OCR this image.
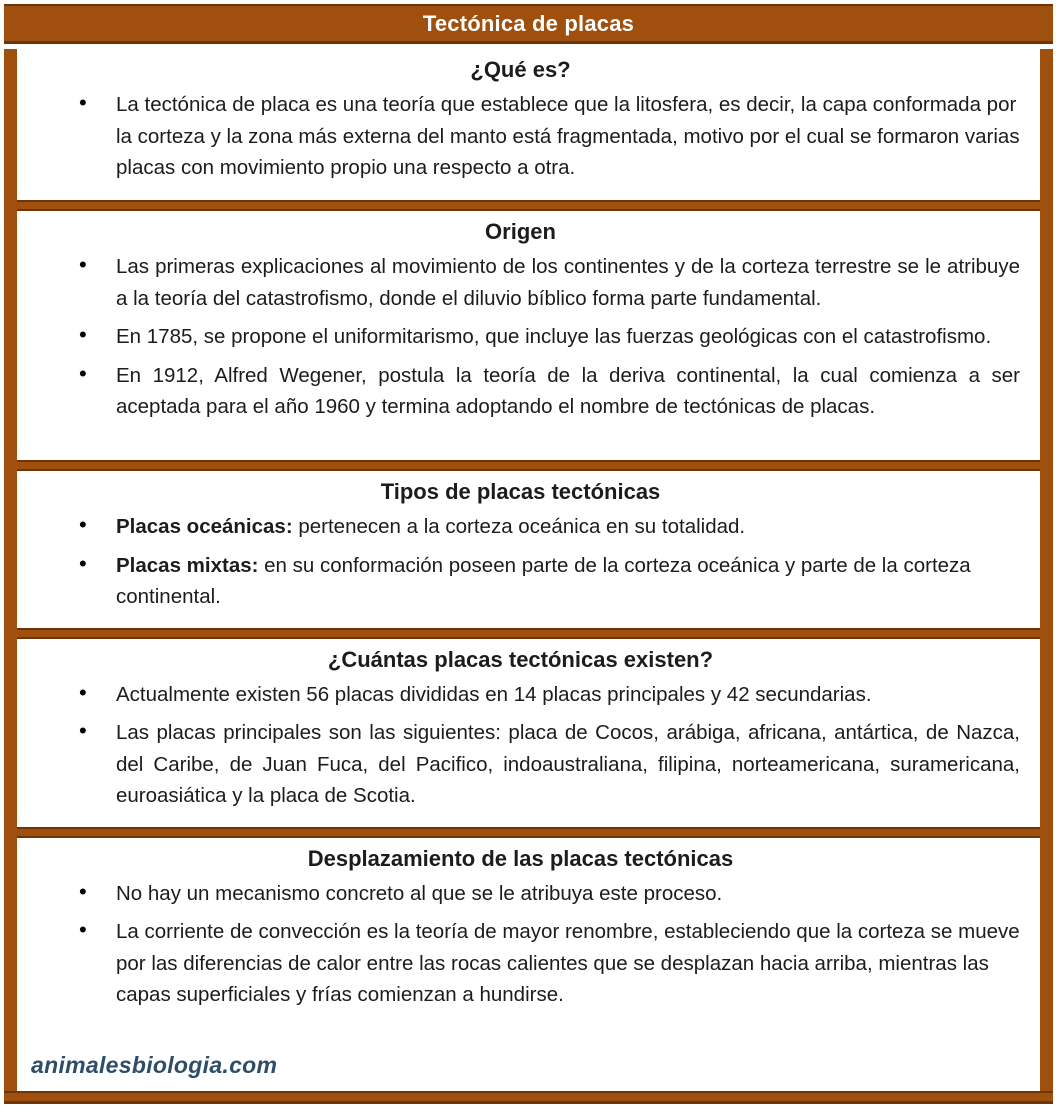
Tectónica de placas
¿Qué es?
• La tectónica de placa es una teoría que establece que la litosfera, es decir, la capa conformada por la corteza y la zona más externa del manto está fragmentada, motivo por el cual se formaron varias placas con movimiento propio una respecto a otra.
Origen
• Las primeras explicaciones al movimiento de los continentes y de la corteza terrestre se le atribuye a la teoría del catastrofismo, donde el diluvio bíblico forma parte fundamental.
• En 1785, se propone el uniformitarismo, que incluye las fuerzas geológicas con el catastrofismo.
• En 1912, Alfred Wegener, postula la teoría de la deriva continental, la cual comienza a ser aceptada para el año 1960 y termina adoptando el nombre de tectónicas de placas.
Tipos de placas tectónicas
• Placas oceánicas: pertenecen a la corteza oceánica en su totalidad.
• Placas mixtas: en su conformación poseen parte de la corteza oceánica y parte de la corteza continental.
¿Cuántas placas tectónicas existen?
• Actualmente existen 56 placas divididas en 14 placas principales y 42 secundarias.
• Las placas principales son las siguientes: placa de Cocos, arábiga, africana, antártica, de Nazca, del Caribe, de Juan Fuca, del Pacifico, indoaustraliana, filipina, norteamericana, suramericana, euroasiática y la placa de Scotia.
Desplazamiento de las placas tectónicas
• No hay un mecanismo concreto al que se le atribuya este proceso.
• La corriente de convección es la teoría de mayor renombre, estableciendo que la corteza se mueve por las diferencias de calor entre las rocas calientes que se desplazan hacia arriba, mientras las capas superficiales y frías comienzan a hundirse.
animalesbiologia.com
